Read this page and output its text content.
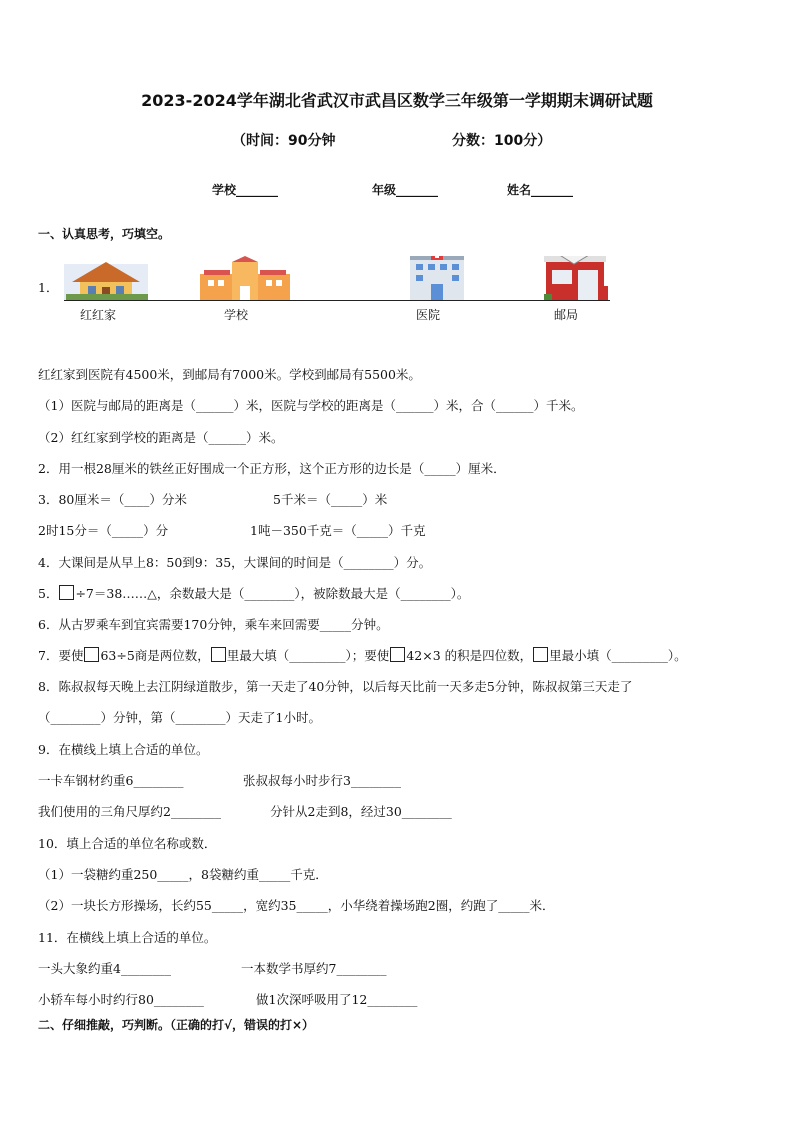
2023-2024学年湖北省武汉市武昌区数学三年级第一学期期末调研试题
（时间：90分钟	分数：100分）
学校_______	年级_______	姓名_______
一、认真思考，巧填空。
1．
红红家	学校	医院	邮局
红红家到医院有4500米，到邮局有7000米。学校到邮局有5500米。
（1）医院与邮局的距离是（______）米，医院与学校的距离是（______）米，合（______）千米。
（2）红红家到学校的距离是（______）米。
2．用一根28厘米的铁丝正好围成一个正方形，这个正方形的边长是（_____）厘米．
3．80厘米＝（____）分米	5千米＝（_____）米
2时15分＝（_____）分	1吨－350千克＝（_____）千克
4．大课间是从早上8：50到9：35，大课间的时间是（________）分。
5． ÷7＝38……△，余数最大是（________），被除数最大是（________）。
6．从古罗乘车到宜宾需要170分钟，乘车来回需要_____分钟。
7．要使 63÷5商是两位数， 里最大填（_________）；要使 42×3 的积是四位数， 里最小填（_________）。
8．陈叔叔每天晚上去江阴绿道散步，第一天走了40分钟，以后每天比前一天多走5分钟，陈叔叔第三天走了
（________）分钟，第（________）天走了1小时。
9．在横线上填上合适的单位。
一卡车钢材约重6________	张叔叔每小时步行3________
我们使用的三角尺厚约2________	分针从2走到8，经过30________
10．填上合适的单位名称或数．
（1）一袋糖约重250_____，8袋糖约重_____千克．
（2）一块长方形操场，长约55_____，宽约35_____，小华绕着操场跑2圈，约跑了_____米．
11．在横线上填上合适的单位。
一头大象约重4________	一本数学书厚约7________
小轿车每小时约行80________	做1次深呼吸用了12________
二、仔细推敲，巧判断。（正确的打√，错误的打×）
